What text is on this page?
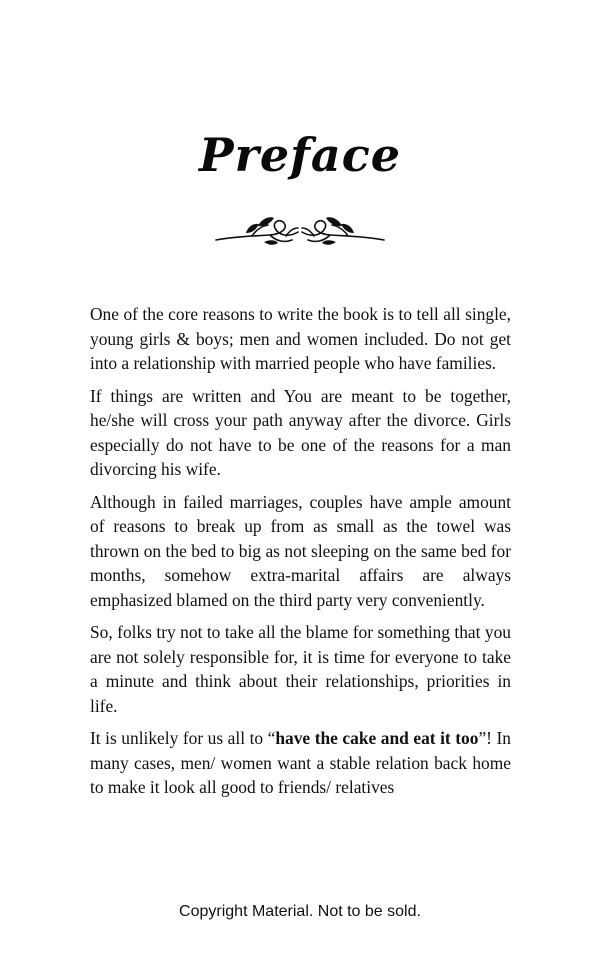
Preface

One of the core reasons to write the book is to tell all single, young girls & boys; men and women included. Do not get into a relationship with married people who have families.

If things are written and You are meant to be together, he/she will cross your path anyway after the divorce. Girls especially do not have to be one of the reasons for a man divorcing his wife.

Although in failed marriages, couples have ample amount of reasons to break up from as small as the towel was thrown on the bed to big as not sleeping on the same bed for months, somehow extra-marital affairs are always emphasized blamed on the third party very conveniently.

So, folks try not to take all the blame for something that you are not solely responsible for, it is time for everyone to take a minute and think about their relationships, priorities in life.

It is unlikely for us all to “have the cake and eat it too”! In many cases, men/ women want a stable relation back home to make it look all good to friends/ relatives

Copyright Material. Not to be sold.
